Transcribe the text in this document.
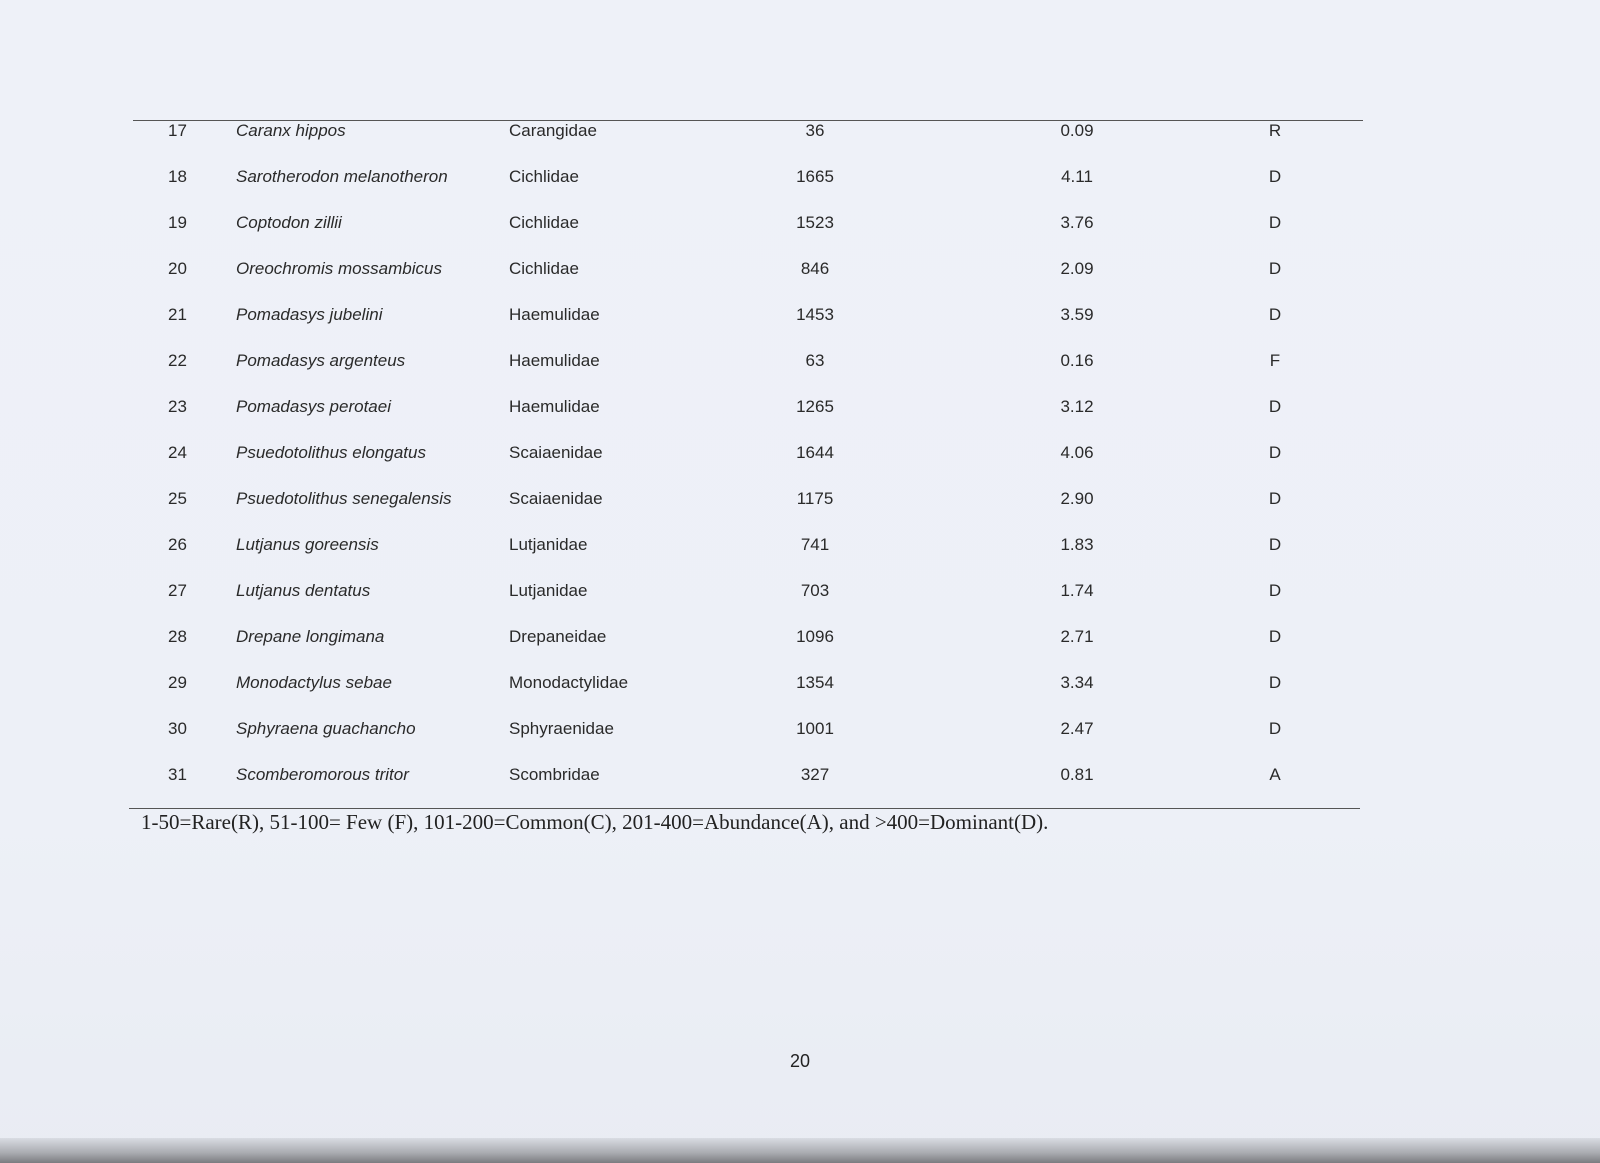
17	Caranx hippos	Carangidae	36	0.09	R
18	Sarotherodon melanotheron	Cichlidae	1665	4.11	D
19	Coptodon zillii	Cichlidae	1523	3.76	D
20	Oreochromis mossambicus	Cichlidae	846	2.09	D
21	Pomadasys jubelini	Haemulidae	1453	3.59	D
22	Pomadasys argenteus	Haemulidae	63	0.16	F
23	Pomadasys perotaei	Haemulidae	1265	3.12	D
24	Psuedotolithus elongatus	Scaiaenidae	1644	4.06	D
25	Psuedotolithus senegalensis	Scaiaenidae	1175	2.90	D
26	Lutjanus goreensis	Lutjanidae	741	1.83	D
27	Lutjanus dentatus	Lutjanidae	703	1.74	D
28	Drepane longimana	Drepaneidae	1096	2.71	D
29	Monodactylus sebae	Monodactylidae	1354	3.34	D
30	Sphyraena guachancho	Sphyraenidae	1001	2.47	D
31	Scomberomorous tritor	Scombridae	327	0.81	A
1-50=Rare(R), 51-100= Few (F), 101-200=Common(C), 201-400=Abundance(A), and >400=Dominant(D).
20
